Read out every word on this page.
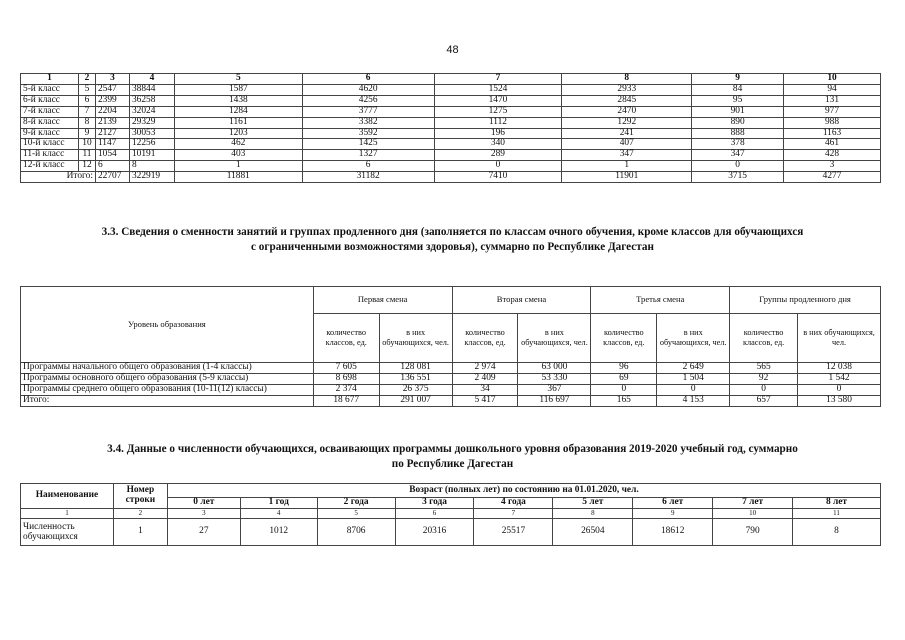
48
1	2	3	4	5	6	7	8	9	10
5-й класс	5	2547	38844	1587	4620	1524	2933	84	94
6-й класс	6	2399	36258	1438	4256	1470	2845	95	131
7-й класс	7	2204	32024	1284	3777	1275	2470	901	977
8-й класс	8	2139	29329	1161	3382	1112	1292	890	988
9-й класс	9	2127	30053	1203	3592	196	241	888	1163
10-й класс	10	1147	12256	462	1425	340	407	378	461
11-й класс	11	1054	10191	403	1327	289	347	347	428
12-й класс	12	6	8	1	6	0	1	0	3
Итого:		22707	322919	11881	31182	7410	11901	3715	4277
3.3. Сведения о сменности занятий и группах продленного дня (заполняется по классам очного обучения, кроме классов для обучающихся
с ограниченными возможностями здоровья), суммарно по Республике Дагестан
Уровень образования	Первая смена		Вторая смена		Третья смена		Группы продленного дня	
	количество классов, ед.	в них обучающихся, чел.	количество классов, ед.	в них обучающихся, чел.	количество классов, ед.	в них обучающихся, чел.	количество классов, ед.	в них обучающихся, чел.
Программы начального общего образования (1-4 классы)	7 605	128 081	2 974	63 000	96	2 649	565	12 038
Программы основного общего образования (5-9 классы)	8 698	136 551	2 409	53 330	69	1 504	92	1 542
Программы среднего общего образования (10-11(12) классы)	2 374	26 375	34	367	0	0	0	0
Итого:	18 677	291 007	5 417	116 697	165	4 153	657	13 580
3.4. Данные о численности обучающихся, осваивающих программы дошкольного уровня образования 2019-2020 учебный год, суммарно
по Республике Дагестан
Наименование	Номер строки	Возраст (полных лет) по состоянию на 01.01.2020, чел.								
		0 лет	1 год	2 года	3 года	4 года	5 лет	6 лет	7 лет	8 лет
1	2	3	4	5	6	7	8	9	10	11
Численность обучающихся	1	27	1012	8706	20316	25517	26504	18612	790	8
